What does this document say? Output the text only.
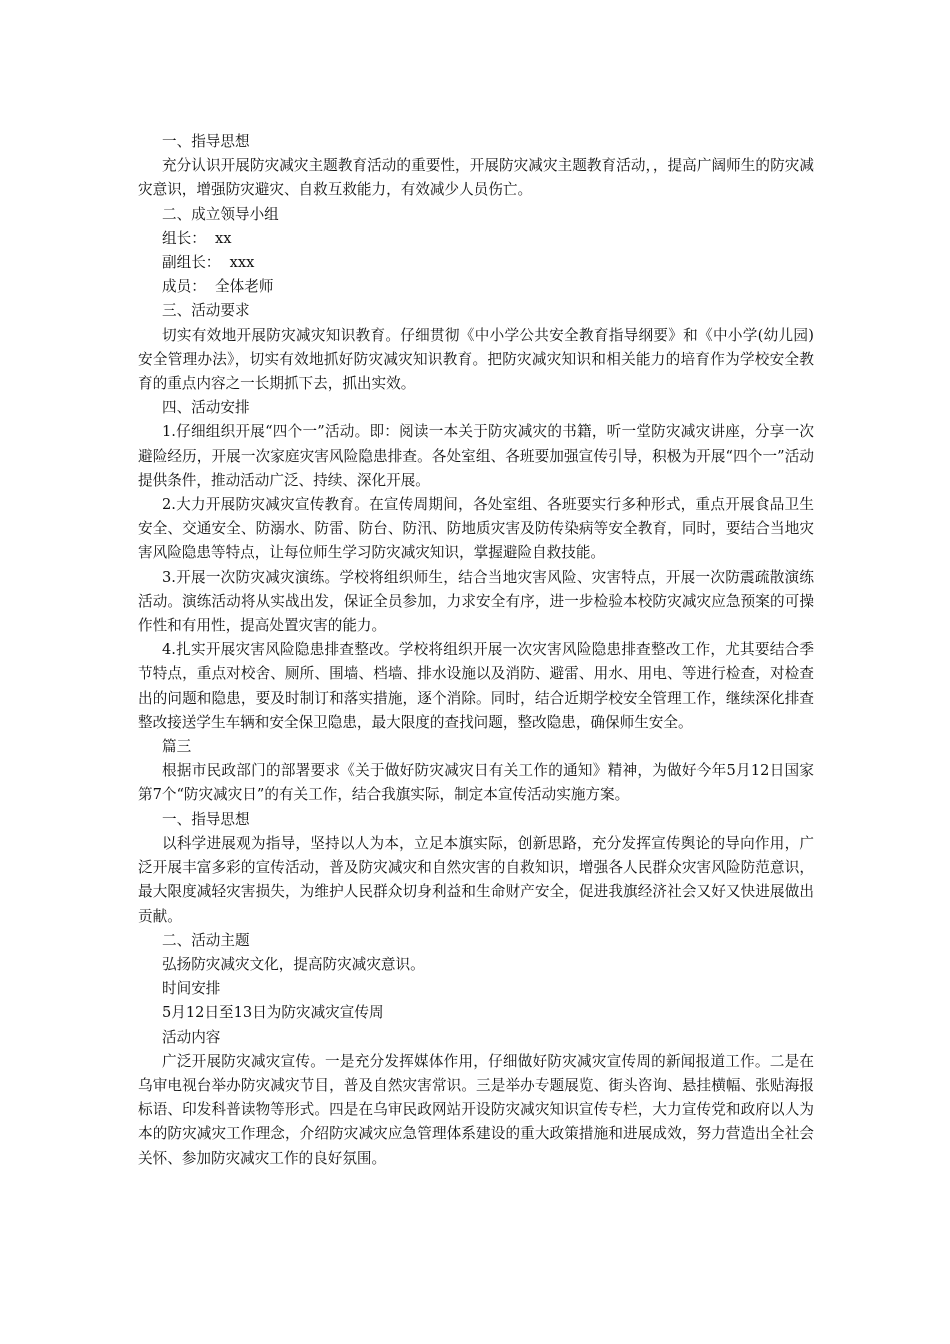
一、指导思想

充分认识开展防灾减灾主题教育活动的重要性，开展防灾减灾主题教育活动，，提高广阔师生的防灾减灾意识，增强防灾避灾、自救互救能力，有效减少人员伤亡。

二、成立领导小组

组长：  xx

副组长：  xxx

成员：  全体老师

三、活动要求

切实有效地开展防灾减灾知识教育。仔细贯彻《中小学公共安全教育指导纲要》和《中小学(幼儿园)安全管理办法》，切实有效地抓好防灾减灾知识教育。把防灾减灾知识和相关能力的培育作为学校安全教育的重点内容之一长期抓下去，抓出实效。

四、活动安排

1.仔细组织开展“四个一”活动。即：阅读一本关于防灾减灾的书籍，听一堂防灾减灾讲座，分享一次避险经历，开展一次家庭灾害风险隐患排查。各处室组、各班要加强宣传引导，积极为开展“四个一”活动提供条件，推动活动广泛、持续、深化开展。

2.大力开展防灾减灾宣传教育。在宣传周期间，各处室组、各班要实行多种形式，重点开展食品卫生安全、交通安全、防溺水、防雷、防台、防汛、防地质灾害及防传染病等安全教育，同时，要结合当地灾害风险隐患等特点，让每位师生学习防灾减灾知识，掌握避险自救技能。

3.开展一次防灾减灾演练。学校将组织师生，结合当地灾害风险、灾害特点，开展一次防震疏散演练活动。演练活动将从实战出发，保证全员参加，力求安全有序，进一步检验本校防灾减灾应急预案的可操作性和有用性，提高处置灾害的能力。

4.扎实开展灾害风险隐患排查整改。学校将组织开展一次灾害风险隐患排查整改工作，尤其要结合季节特点，重点对校舍、厕所、围墙、档墙、排水设施以及消防、避雷、用水、用电、等进行检查，对检查出的问题和隐患，要及时制订和落实措施，逐个消除。同时，结合近期学校安全管理工作，继续深化排查整改接送学生车辆和安全保卫隐患，最大限度的查找问题，整改隐患，确保师生安全。

篇三

根据市民政部门的部署要求《关于做好防灾减灾日有关工作的通知》精神，为做好今年5月12日国家第7个“防灾减灾日”的有关工作，结合我旗实际，制定本宣传活动实施方案。

一、指导思想

以科学进展观为指导，坚持以人为本，立足本旗实际，创新思路，充分发挥宣传舆论的导向作用，广泛开展丰富多彩的宣传活动，普及防灾减灾和自然灾害的自救知识，增强各人民群众灾害风险防范意识，最大限度减轻灾害损失，为维护人民群众切身利益和生命财产安全，促进我旗经济社会又好又快进展做出贡献。

二、活动主题

弘扬防灾减灾文化，提高防灾减灾意识。

时间安排

5月12日至13日为防灾减灾宣传周

活动内容

广泛开展防灾减灾宣传。一是充分发挥媒体作用，仔细做好防灾减灾宣传周的新闻报道工作。二是在乌审电视台举办防灾减灾节目，普及自然灾害常识。三是举办专题展览、街头咨询、悬挂横幅、张贴海报标语、印发科普读物等形式。四是在乌审民政网站开设防灾减灾知识宣传专栏，大力宣传党和政府以人为本的防灾减灾工作理念，介绍防灾减灾应急管理体系建设的重大政策措施和进展成效，努力营造出全社会关怀、参加防灾减灾工作的良好氛围。
